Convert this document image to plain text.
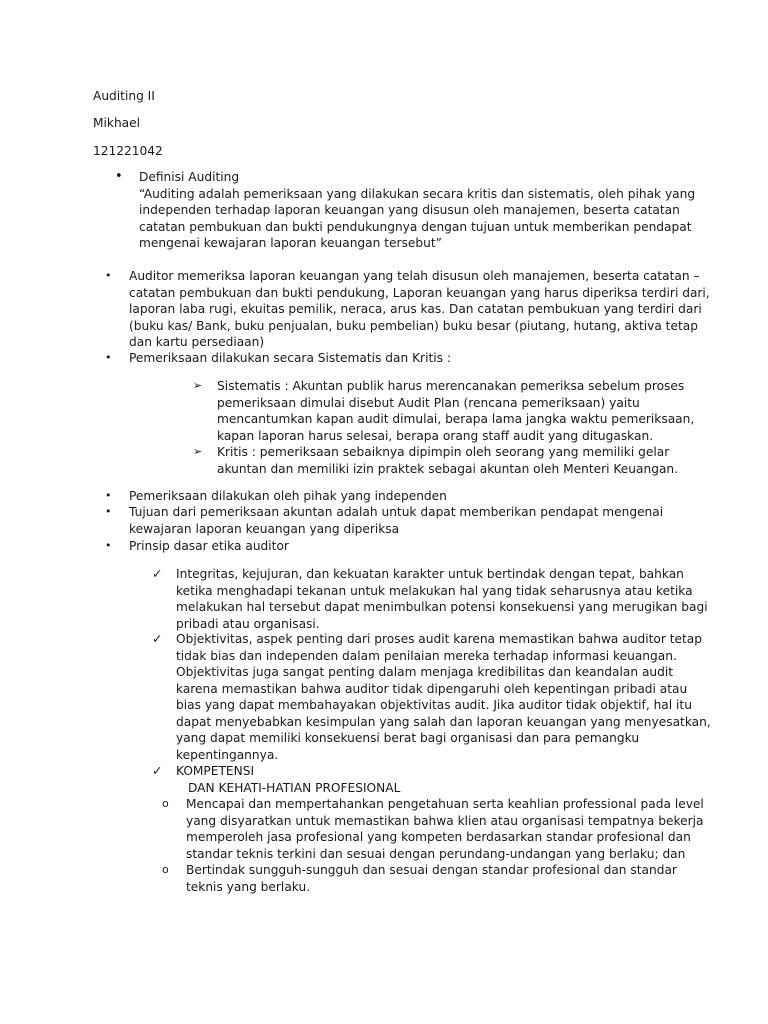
Auditing II
Mikhael
121221042
• Definisi Auditing
“Auditing adalah pemeriksaan yang dilakukan secara kritis dan sistematis, oleh pihak yang
independen terhadap laporan keuangan yang disusun oleh manajemen, beserta catatan
catatan pembukuan dan bukti pendukungnya dengan tujuan untuk memberikan pendapat
mengenai kewajaran laporan keuangan tersebut”
• Auditor memeriksa laporan keuangan yang telah disusun oleh manajemen, beserta catatan –
catatan pembukuan dan bukti pendukung, Laporan keuangan yang harus diperiksa terdiri dari,
laporan laba rugi, ekuitas pemilik, neraca, arus kas. Dan catatan pembukuan yang terdiri dari
(buku kas/ Bank, buku penjualan, buku pembelian) buku besar (piutang, hutang, aktiva tetap
dan kartu persediaan)
• Pemeriksaan dilakukan secara Sistematis dan Kritis :
➢ Sistematis : Akuntan publik harus merencanakan pemeriksa sebelum proses
pemeriksaan dimulai disebut Audit Plan (rencana pemeriksaan) yaitu
mencantumkan kapan audit dimulai, berapa lama jangka waktu pemeriksaan,
kapan laporan harus selesai, berapa orang staff audit yang ditugaskan.
➢ Kritis : pemeriksaan sebaiknya dipimpin oleh seorang yang memiliki gelar
akuntan dan memiliki izin praktek sebagai akuntan oleh Menteri Keuangan.
• Pemeriksaan dilakukan oleh pihak yang independen
• Tujuan dari pemeriksaan akuntan adalah untuk dapat memberikan pendapat mengenai
kewajaran laporan keuangan yang diperiksa
• Prinsip dasar etika auditor
✓ Integritas, kejujuran, dan kekuatan karakter untuk bertindak dengan tepat, bahkan
ketika menghadapi tekanan untuk melakukan hal yang tidak seharusnya atau ketika
melakukan hal tersebut dapat menimbulkan potensi konsekuensi yang merugikan bagi
pribadi atau organisasi.
✓ Objektivitas, aspek penting dari proses audit karena memastikan bahwa auditor tetap
tidak bias dan independen dalam penilaian mereka terhadap informasi keuangan.
Objektivitas juga sangat penting dalam menjaga kredibilitas dan keandalan audit
karena memastikan bahwa auditor tidak dipengaruhi oleh kepentingan pribadi atau
bias yang dapat membahayakan objektivitas audit. Jika auditor tidak objektif, hal itu
dapat menyebabkan kesimpulan yang salah dan laporan keuangan yang menyesatkan,
yang dapat memiliki konsekuensi berat bagi organisasi dan para pemangku
kepentingannya.
✓ KOMPETENSI
DAN KEHATI-HATIAN PROFESIONAL
o Mencapai dan mempertahankan pengetahuan serta keahlian professional pada level
yang disyaratkan untuk memastikan bahwa klien atau organisasi tempatnya bekerja
memperoleh jasa profesional yang kompeten berdasarkan standar profesional dan
standar teknis terkini dan sesuai dengan perundang-undangan yang berlaku; dan
o Bertindak sungguh-sungguh dan sesuai dengan standar profesional dan standar
teknis yang berlaku.
